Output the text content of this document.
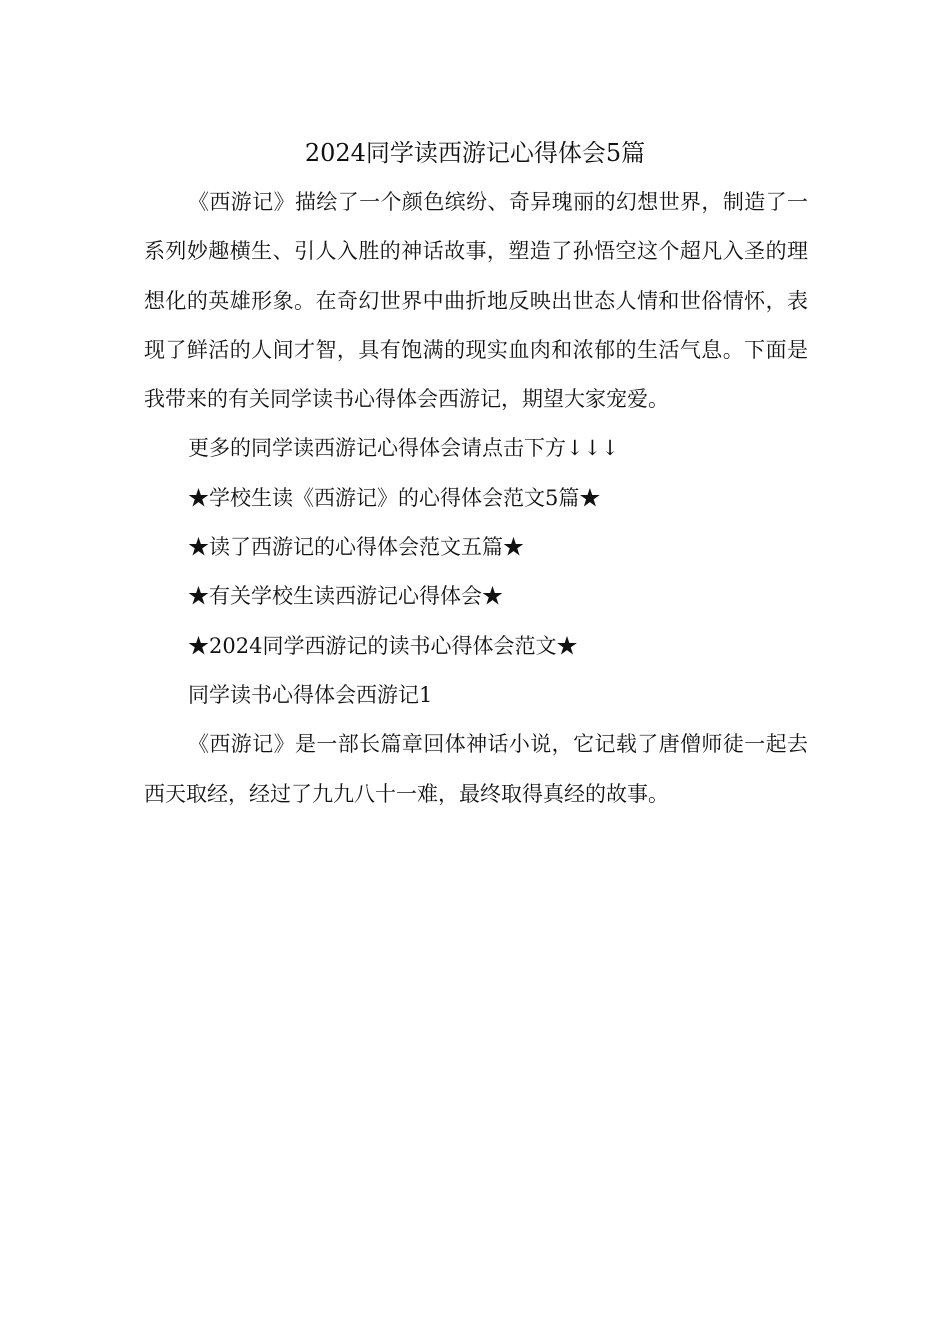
2024同学读西游记心得体会5篇

《西游记》描绘了一个颜色缤纷、奇异瑰丽的幻想世界，制造了一系列妙趣横生、引人入胜的神话故事，塑造了孙悟空这个超凡入圣的理想化的英雄形象。在奇幻世界中曲折地反映出世态人情和世俗情怀，表现了鲜活的人间才智，具有饱满的现实血肉和浓郁的生活气息。下面是我带来的有关同学读书心得体会西游记，期望大家宠爱。

更多的同学读西游记心得体会请点击下方↓↓↓

★学校生读《西游记》的心得体会范文5篇★

★读了西游记的心得体会范文五篇★

★有关学校生读西游记心得体会★

★2024同学西游记的读书心得体会范文★

同学读书心得体会西游记1

《西游记》是一部长篇章回体神话小说，它记载了唐僧师徒一起去西天取经，经过了九九八十一难，最终取得真经的故事。
